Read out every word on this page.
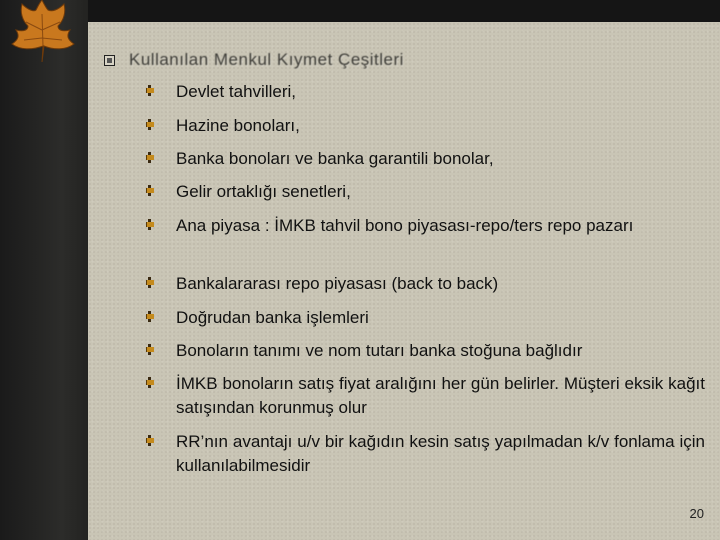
Kullanılan Menkul Kıymet Çeşitleri
Devlet tahvilleri,
Hazine bonoları,
Banka bonoları ve banka garantili bonolar,
Gelir ortaklığı senetleri,
Ana piyasa : İMKB tahvil bono piyasası-repo/ters repo pazarı
Bankalararası repo piyasası (back to back)
Doğrudan banka işlemleri
Bonoların tanımı ve nom tutarı banka stoğuna bağlıdır
İMKB bonoların satış fiyat aralığını her gün belirler. Müşteri eksik kağıt satışından korunmuş olur
RR’nın avantajı u/v bir kağıdın kesin satış yapılmadan k/v fonlama için kullanılabilmesidir
20
